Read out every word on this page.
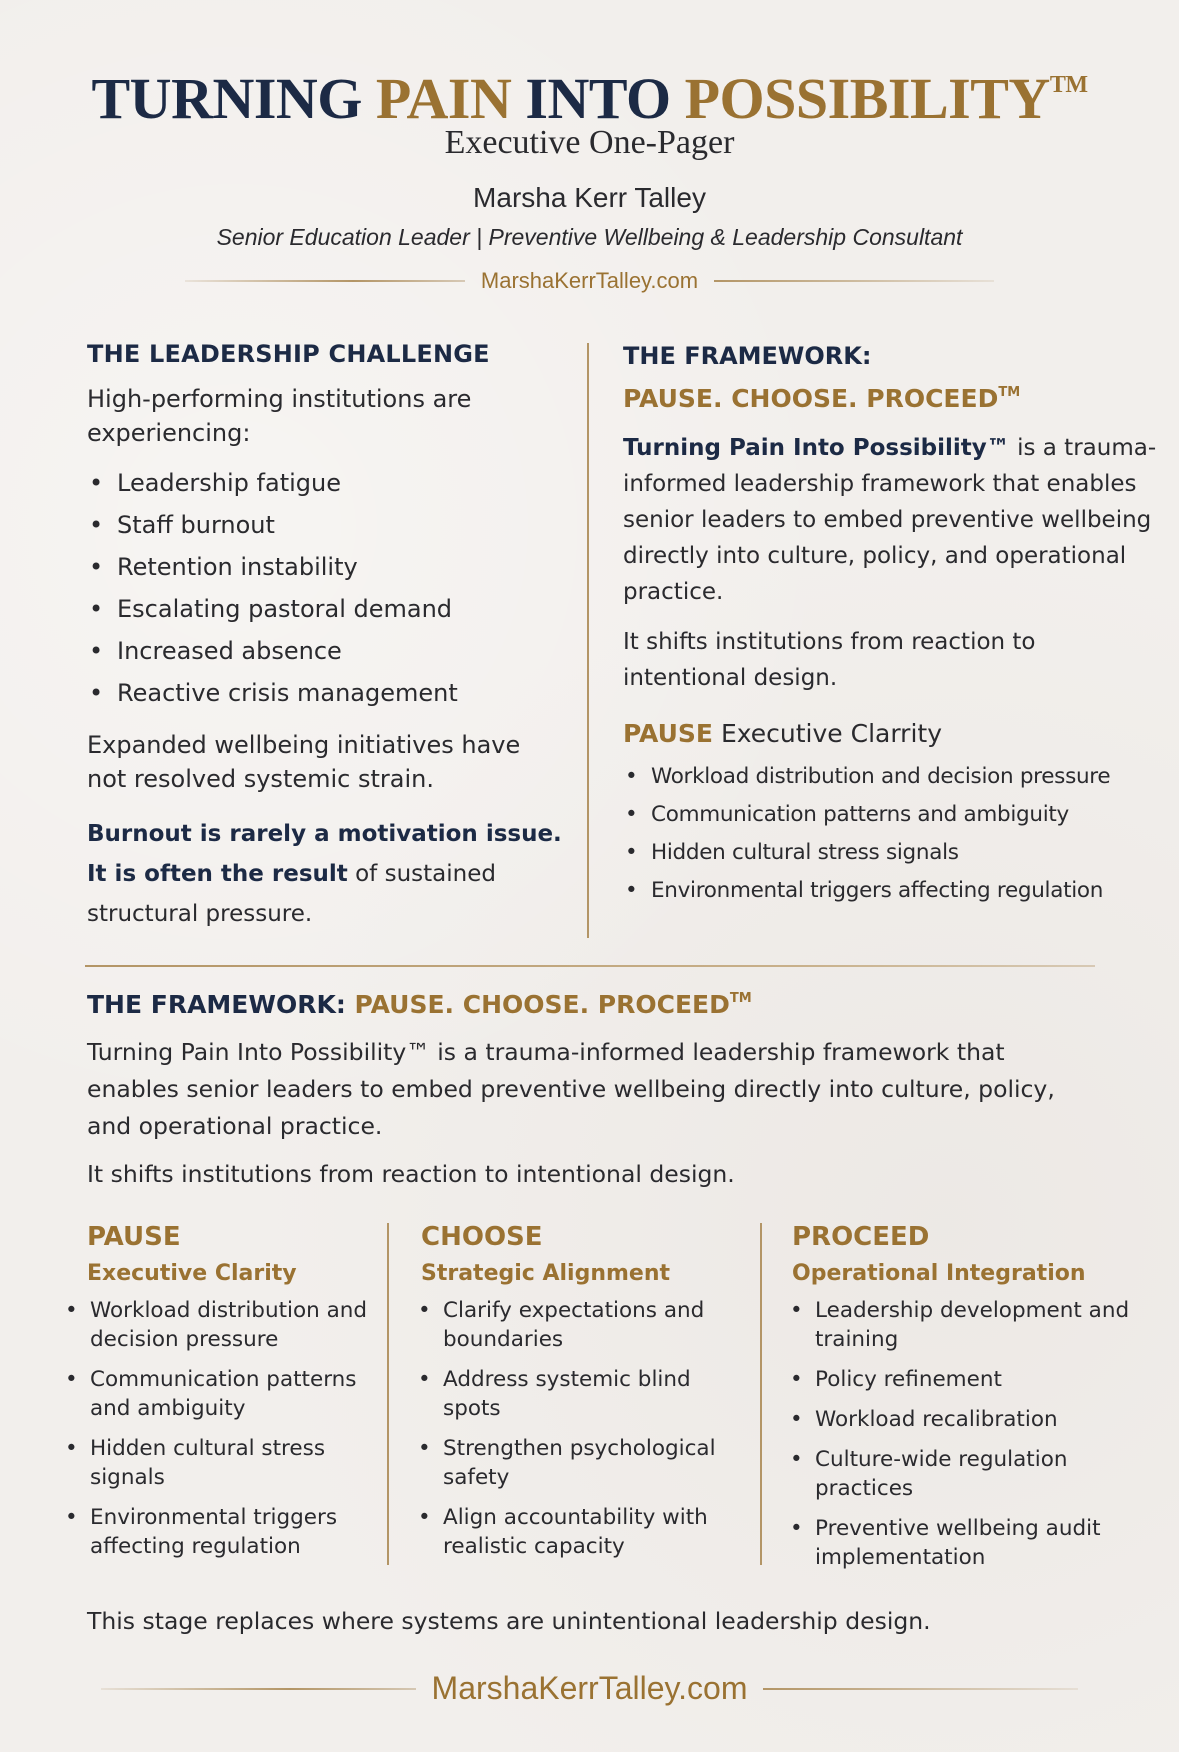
TURNING PAIN INTO POSSIBILITY™
Executive One-Pager
Marsha Kerr Talley
Senior Education Leader | Preventive Wellbeing & Leadership Consultant
MarshaKerrTalley.com
THE LEADERSHIP CHALLENGE

High-performing institutions are experiencing:

• Leadership fatigue
• Staff burnout
• Retention instability
• Escalating pastoral demand
• Increased absence
• Reactive crisis management

Expanded wellbeing initiatives have not resolved systemic strain.

Burnout is rarely a motivation issue.
It is often the result of sustained structural pressure.
THE FRAMEWORK:
PAUSE. CHOOSE. PROCEED™

Turning Pain Into Possibility™ is a trauma-informed leadership framework that enables senior leaders to embed preventive wellbeing directly into culture, policy, and operational practice.

It shifts institutions from reaction to intentional design.

PAUSE Executive Clarrity
• Workload distribution and decision pressure
• Communication patterns and ambiguity
• Hidden cultural stress signals
• Environmental triggers affecting regulation
THE FRAMEWORK: PAUSE. CHOOSE. PROCEED™

Turning Pain Into Possibility™ is a trauma-informed leadership framework that enables senior leaders to embed preventive wellbeing directly into culture, policy, and operational practice.

It shifts institutions from reaction to intentional design.

PAUSE
Executive Clarity
• Workload distribution and decision pressure
• Communication patterns and ambiguity
• Hidden cultural stress signals
• Environmental triggers affecting regulation
CHOOSE
Strategic Alignment
• Clarify expectations and boundaries
• Address systemic blind spots
• Strengthen psychological safety
• Align accountability with realistic capacity
PROCEED
Operational Integration
• Leadership development and training
• Policy refinement
• Workload recalibration
• Culture-wide regulation practices
• Preventive wellbeing audit implementation

This stage replaces where systems are unintentional leadership design.

MarshaKerrTalley.com
